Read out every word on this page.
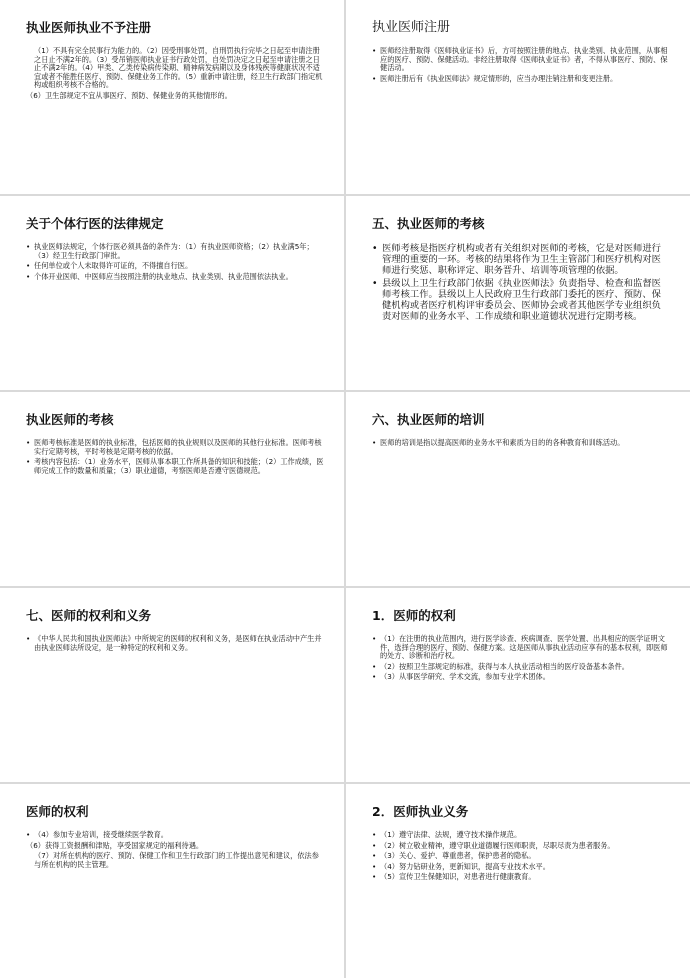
执业医师执业不予注册
（1）不具有完全民事行为能力的。（2）因受刑事处罚，自刑罚执行完毕之日起至申请注册之日止不满2年的。（3）受吊销医师执业证书行政处罚，自处罚决定之日起至申请注册之日止不满2年的。（4）甲类、乙类传染病传染期、精神病发病期以及身体残疾等健康状况不适宜或者不能胜任医疗、预防、保健业务工作的。（5）重新申请注册，经卫生行政部门指定机构或组织考核不合格的。
（6）卫生部规定不宜从事医疗、预防、保健业务的其他情形的。
执业医师注册
• 医师经注册取得《医师执业证书》后，方可按照注册的地点、执业类别、执业范围，从事相应的医疗、预防、保健活动。非经注册取得《医师执业证书》者，不得从事医疗、预防、保健活动。
• 医师注册后有《执业医师法》规定情形的，应当办理注销注册和变更注册。
关于个体行医的法律规定
• 执业医师法规定，个体行医必须具备的条件为：（1）有执业医师资格；（2）执业满5年；（3）经卫生行政部门审批。
• 任何单位或个人未取得许可证的，不得擅自行医。
• 个体开业医师、中医师应当按照注册的执业地点、执业类别、执业范围依法执业。
五、执业医师的考核
• 医师考核是指医疗机构或者有关组织对医师的考核，它是对医师进行管理的重要的一环。考核的结果将作为卫生主管部门和医疗机构对医师进行奖惩、职称评定、职务晋升、培训等项管理的依据。
• 县级以上卫生行政部门依据《执业医师法》负责指导、检查和监督医师考核工作。县级以上人民政府卫生行政部门委托的医疗、预防、保健机构或者医疗机构评审委员会、医师协会或者其他医学专业组织负责对医师的业务水平、工作成绩和职业道德状况进行定期考核。
执业医师的考核
• 医师考核标准是医师的执业标准，包括医师的执业规则以及医师的其他行业标准。医师考核实行定期考核，平时考核是定期考核的依据。
• 考核内容包括：（1）业务水平，医师从事本职工作所具备的知识和技能；（2）工作成绩，医师完成工作的数量和质量；（3）职业道德，考察医师是否遵守医德规范。
六、执业医师的培训
• 医师的培训是指以提高医师的业务水平和素质为目的的各种教育和训练活动。
七、医师的权利和义务
• 《中华人民共和国执业医师法》中所规定的医师的权利和义务，是医师在执业活动中产生并由执业医师法所设定，是一种特定的权利和义务。
1．医师的权利
• （1）在注册的执业范围内，进行医学诊查、疾病调查、医学处置、出具相应的医学证明文件，选择合理的医疗、预防、保健方案。这是医师从事执业活动应享有的基本权利，即医师的处方、诊断和治疗权。
• （2）按照卫生部规定的标准，获得与本人执业活动相当的医疗设备基本条件。
• （3）从事医学研究、学术交流，参加专业学术团体。
医师的权利
• （4）参加专业培训，接受继续医学教育。
（6）获得工资报酬和津贴，享受国家规定的福利待遇。
（7）对所在机构的医疗、预防、保健工作和卫生行政部门的工作提出意见和建议，依法参与所在机构的民主管理。
2．医师执业义务
• （1）遵守法律、法规，遵守技术操作规范。
• （2）树立敬业精神，遵守职业道德履行医师职责，尽职尽责为患者服务。
• （3）关心、爱护、尊重患者，保护患者的隐私。
• （4）努力钻研业务，更新知识，提高专业技术水平。
• （5）宣传卫生保健知识，对患者进行健康教育。
